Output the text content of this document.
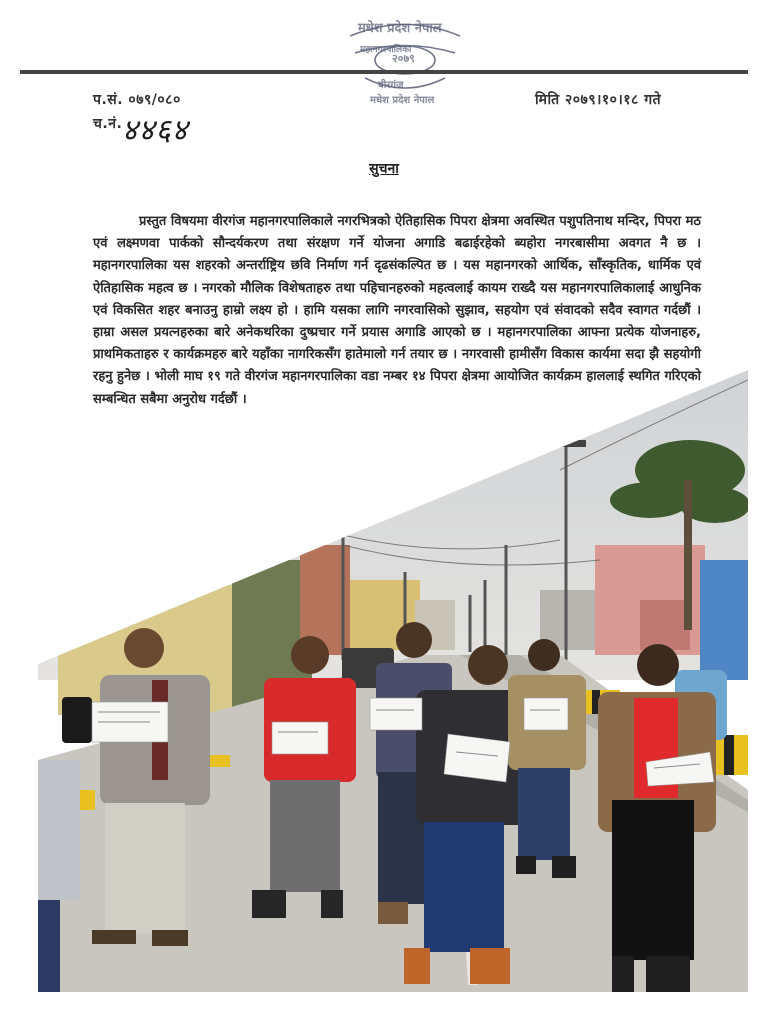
मधेश प्रदेश नेपाल
२०७९
महानगरपालिका
बीरगंज
मधेश प्रदेश नेपाल
प.सं. ०७९/०८०	मिति २०७९।१०।१८ गते
च.नं. ४४६४
सुचना
प्रस्तुत विषयमा वीरगंज महानगरपालिकाले नगरभित्रको ऐतिहासिक पिपरा क्षेत्रमा अवस्थित पशुपतिनाथ मन्दिर, पिपरा मठ एवं लक्ष्मणवा पार्कको सौन्दर्यकरण तथा संरक्षण गर्ने योजना अगाडि बढाईरहेको ब्यहोरा नगरबासीमा अवगत नै छ । महानगरपालिका यस शहरको अन्तर्राष्ट्रिय छवि निर्माण गर्न दृढसंकल्पित छ । यस महानगरको आर्थिक, साँस्कृतिक, धार्मिक एवं ऐतिहासिक महत्व छ । नगरको मौलिक विशेषताहरु तथा पहिचानहरुको महत्वलाई कायम राख्दै यस महानगरपालिकालाई आधुनिक एवं विकसित शहर बनाउनु हाम्रो लक्ष्य हो । हामि यसका लागि नगरवासिको सुझाव, सहयोग एवं संवादको सदैव स्वागत गर्दछौं । हाम्रा असल प्रयत्नहरुका बारे अनेकथरिका दुष्प्रचार गर्ने प्रयास अगाडि आएको छ । महानगरपालिका आफ्ना प्रत्येक योजनाहरु, प्राथमिकताहरु र कार्यक्रमहरु बारे यहाँका नागरिकसँग हातेमालो गर्न तयार छ । नगरवासी हामीसँग विकास कार्यमा सदा झै सहयोगी रहनु हुनेछ । भोली माघ १९ गते वीरगंज महानगरपालिका वडा नम्बर १४ पिपरा क्षेत्रमा आयोजित कार्यक्रम हाललाई स्थगित गरिएको सम्बन्धित सबैमा अनुरोध गर्दछौं ।
